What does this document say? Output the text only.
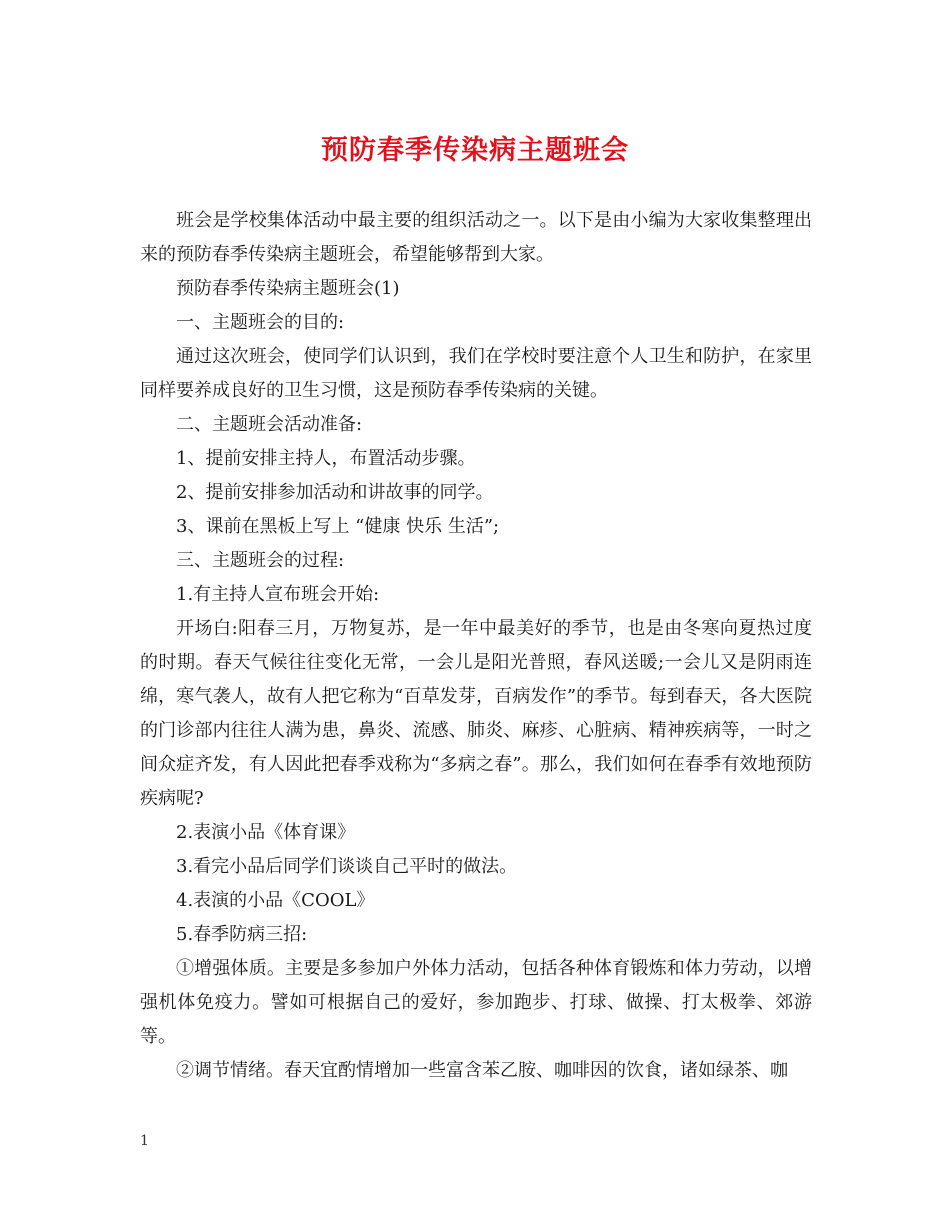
预防春季传染病主题班会

班会是学校集体活动中最主要的组织活动之一。以下是由小编为大家收集整理出来的预防春季传染病主题班会，希望能够帮到大家。

预防春季传染病主题班会(1)

一、主题班会的目的:

通过这次班会，使同学们认识到，我们在学校时要注意个人卫生和防护，在家里同样要养成良好的卫生习惯，这是预防春季传染病的关键。

二、主题班会活动准备:

1、提前安排主持人，布置活动步骤。

2、提前安排参加活动和讲故事的同学。

3、课前在黑板上写上 “健康 快乐 生活”;

三、主题班会的过程:

1.有主持人宣布班会开始:

开场白:阳春三月，万物复苏，是一年中最美好的季节，也是由冬寒向夏热过度的时期。春天气候往往变化无常，一会儿是阳光普照，春风送暖;一会儿又是阴雨连绵，寒气袭人，故有人把它称为“百草发芽，百病发作”的季节。每到春天，各大医院的门诊部内往往人满为患，鼻炎、流感、肺炎、麻疹、心脏病、精神疾病等，一时之间众症齐发，有人因此把春季戏称为“多病之春”。那么，我们如何在春季有效地预防疾病呢?

2.表演小品《体育课》

3.看完小品后同学们谈谈自己平时的做法。

4.表演的小品《COOL》

5.春季防病三招:

①增强体质。主要是多参加户外体力活动，包括各种体育锻炼和体力劳动，以增强机体免疫力。譬如可根据自己的爱好，参加跑步、打球、做操、打太极拳、郊游等。

②调节情绪。春天宜酌情增加一些富含苯乙胺、咖啡因的饮食，诸如绿茶、咖

1
